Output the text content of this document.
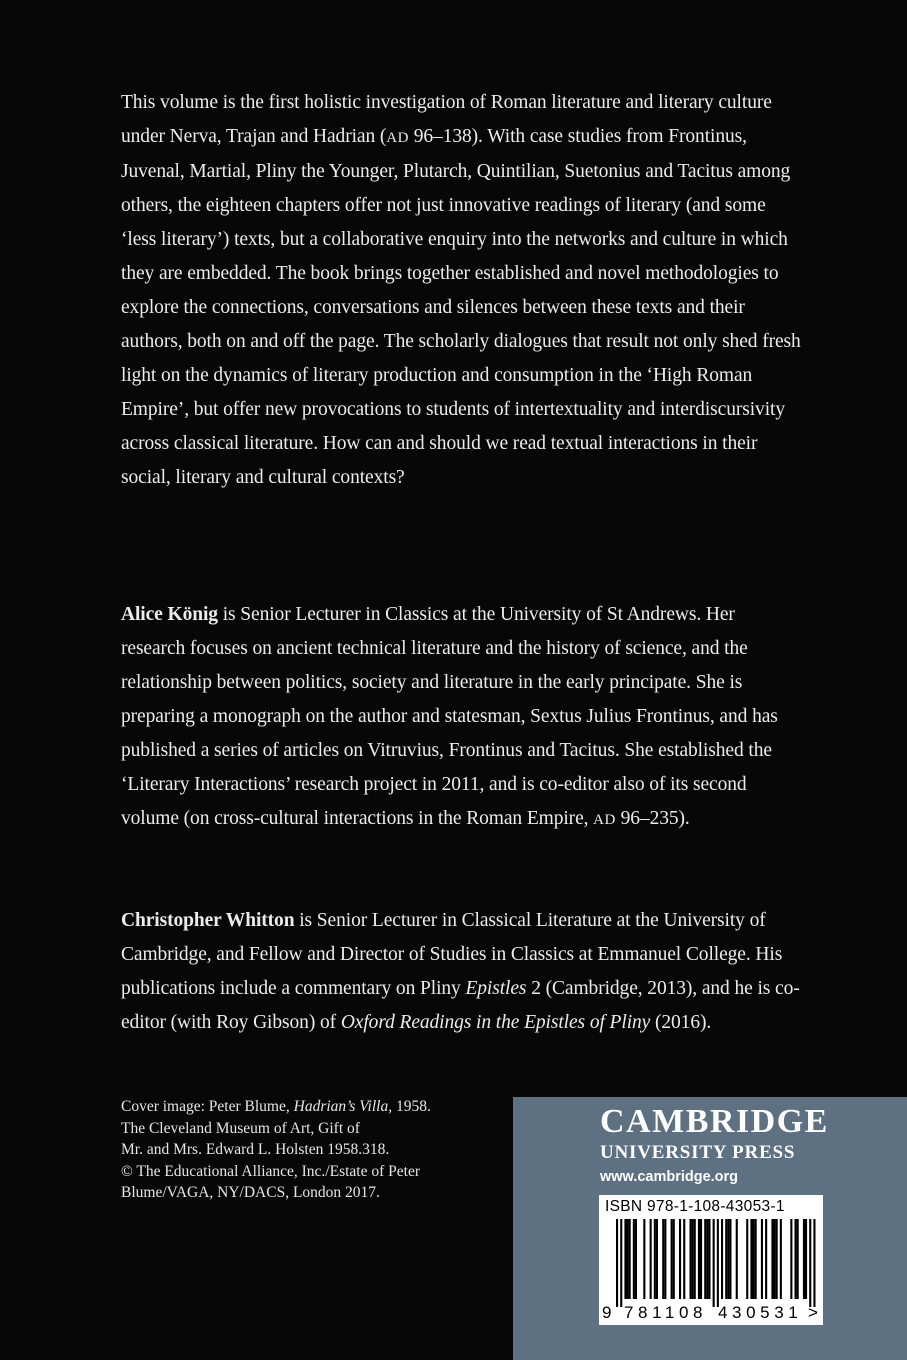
This volume is the first holistic investigation of Roman literature and literary culture under Nerva, Trajan and Hadrian (AD 96–138). With case studies from Frontinus, Juvenal, Martial, Pliny the Younger, Plutarch, Quintilian, Suetonius and Tacitus among others, the eighteen chapters offer not just innovative readings of literary (and some ‘less literary’) texts, but a collaborative enquiry into the networks and culture in which they are embedded. The book brings together established and novel methodologies to explore the connections, conversations and silences between these texts and their authors, both on and off the page. The scholarly dialogues that result not only shed fresh light on the dynamics of literary production and consumption in the ‘High Roman Empire’, but offer new provocations to students of intertextuality and interdiscursivity across classical literature. How can and should we read textual interactions in their social, literary and cultural contexts?

Alice König is Senior Lecturer in Classics at the University of St Andrews. Her research focuses on ancient technical literature and the history of science, and the relationship between politics, society and literature in the early principate. She is preparing a monograph on the author and statesman, Sextus Julius Frontinus, and has published a series of articles on Vitruvius, Frontinus and Tacitus. She established the ‘Literary Interactions’ research project in 2011, and is co-editor also of its second volume (on cross-cultural interactions in the Roman Empire, AD 96–235).

Christopher Whitton is Senior Lecturer in Classical Literature at the University of Cambridge, and Fellow and Director of Studies in Classics at Emmanuel College. His publications include a commentary on Pliny Epistles 2 (Cambridge, 2013), and he is co-editor (with Roy Gibson) of Oxford Readings in the Epistles of Pliny (2016).

Cover image: Peter Blume, Hadrian’s Villa, 1958.
The Cleveland Museum of Art, Gift of
Mr. and Mrs. Edward L. Holsten 1958.318.
© The Educational Alliance, Inc./Estate of Peter
Blume/VAGA, NY/DACS, London 2017.
CAMBRIDGE
UNIVERSITY PRESS
www.cambridge.org
ISBN 978-1-108-43053-1
9 781108 430531 >
